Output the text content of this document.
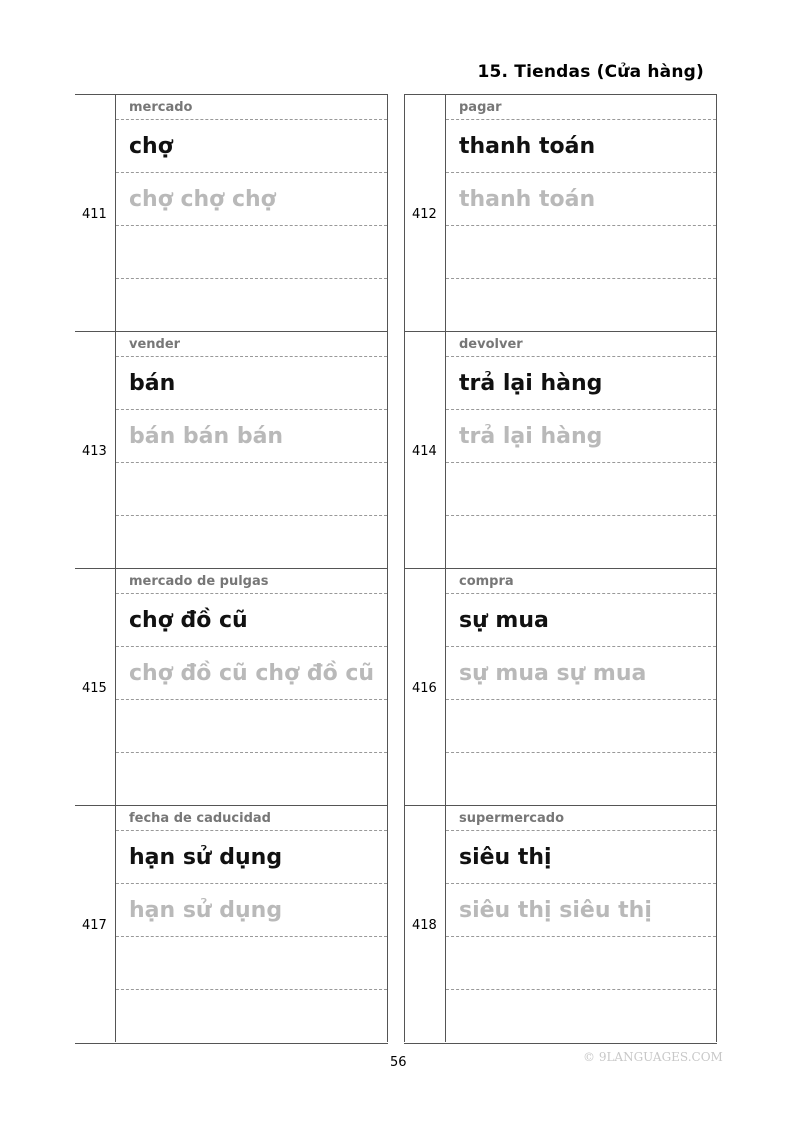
15. Tiendas (Cửa hàng)
411
mercado
chợ
chợ chợ chợ
413
vender
bán
bán bán bán
415
mercado de pulgas
chợ đồ cũ
chợ đồ cũ chợ đồ cũ
417
fecha de caducidad
hạn sử dụng
hạn sử dụng
412
pagar
thanh toán
thanh toán
414
devolver
trả lại hàng
trả lại hàng
416
compra
sự mua
sự mua sự mua
418
supermercado
siêu thị
siêu thị siêu thị
56	© 9LANGUAGES.COM
